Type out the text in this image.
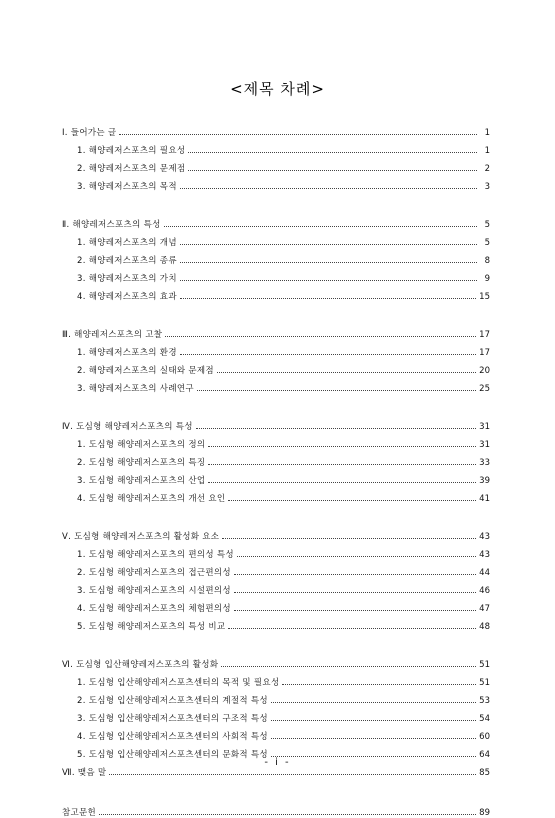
<제목 차례>
Ⅰ. 들어가는 글	1
1. 해양레저스포츠의 필요성	1
2. 해양레저스포츠의 문제점	2
3. 해양레저스포츠의 목적	3
Ⅱ. 해양레저스포츠의 특성	5
1. 해양레저스포츠의 개념	5
2. 해양레저스포츠의 종류	8
3. 해양레저스포츠의 가치	9
4. 해양레저스포츠의 효과	15
Ⅲ. 해양레저스포츠의 고찰	17
1. 해양레저스포츠의 환경	17
2. 해양레저스포츠의 실태와 문제점	20
3. 해양레저스포츠의 사례연구	25
Ⅳ. 도심형 해양레저스포츠의 특성	31
1. 도심형 해양레저스포츠의 정의	31
2. 도심형 해양레저스포츠의 특징	33
3. 도심형 해양레저스포츠의 산업	39
4. 도심형 해양레저스포츠의 개선 요인	41
Ⅴ. 도심형 해양레저스포츠의 활성화 요소	43
1. 도심형 해양레저스포츠의 편의성 특성	43
2. 도심형 해양레저스포츠의 접근편의성	44
3. 도심형 해양레저스포츠의 시설편의성	46
4. 도심형 해양레저스포츠의 체험편의성	47
5. 도심형 해양레저스포츠의 특성 비교	48
Ⅵ. 도심형 입산해양레저스포츠의 활성화	51
1. 도심형 입산해양레저스포츠센터의 목적 및 필요성	51
2. 도심형 입산해양레저스포츠센터의 계절적 특성	53
3. 도심형 입산해양레저스포츠센터의 구조적 특성	54
4. 도심형 입산해양레저스포츠센터의 사회적 특성	60
5. 도심형 입산해양레저스포츠센터의 문화적 특성	64
Ⅶ. 맺음 말	85
참고문헌	89
- i -
